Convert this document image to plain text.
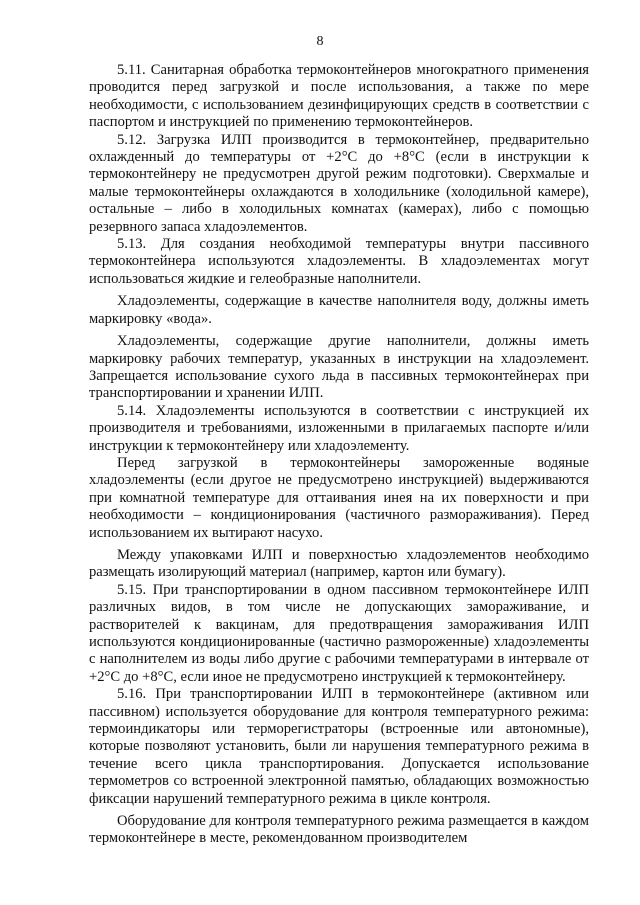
8

5.11. Санитарная обработка термоконтейнеров многократного применения проводится перед загрузкой и после использования, а также по мере необходимости, с использованием дезинфицирующих средств в соответствии с паспортом и инструкцией по применению термоконтейнеров.

5.12. Загрузка ИЛП производится в термоконтейнер, предварительно охлажденный до температуры от +2°С до +8°С (если в инструкции к термоконтейнеру не предусмотрен другой режим подготовки). Сверхмалые и малые термоконтейнеры охлаждаются в холодильнике (холодильной камере), остальные – либо в холодильных комнатах (камерах), либо с помощью резервного запаса хладоэлементов.

5.13. Для создания необходимой температуры внутри пассивного термоконтейнера используются хладоэлементы. В хладоэлементах могут использоваться жидкие и гелеобразные наполнители.

Хладоэлементы, содержащие в качестве наполнителя воду, должны иметь маркировку «вода».

Хладоэлементы, содержащие другие наполнители, должны иметь маркировку рабочих температур, указанных в инструкции на хладоэлемент. Запрещается использование сухого льда в пассивных термоконтейнерах при транспортировании и хранении ИЛП.

5.14. Хладоэлементы используются в соответствии с инструкцией их производителя и требованиями, изложенными в прилагаемых паспорте и/или инструкции к термоконтейнеру или хладоэлементу.

Перед загрузкой в термоконтейнеры замороженные водяные хладоэлементы (если другое не предусмотрено инструкцией) выдерживаются при комнатной температуре для оттаивания инея на их поверхности и при необходимости – кондиционирования (частичного размораживания). Перед использованием их вытирают насухо.

Между упаковками ИЛП и поверхностью хладоэлементов необходимо размещать изолирующий материал (например, картон или бумагу).

5.15. При транспортировании в одном пассивном термоконтейнере ИЛП различных видов, в том числе не допускающих замораживание, и растворителей к вакцинам, для предотвращения замораживания ИЛП используются кондиционированные (частично размороженные) хладоэлементы с наполнителем из воды либо другие с рабочими температурами в интервале от +2°С до +8°С, если иное не предусмотрено инструкцией к термоконтейнеру.

5.16. При транспортировании ИЛП в термоконтейнере (активном или пассивном) используется оборудование для контроля температурного режима: термоиндикаторы или терморегистраторы (встроенные или автономные), которые позволяют установить, были ли нарушения температурного режима в течение всего цикла транспортирования. Допускается использование термометров со встроенной электронной памятью, обладающих возможностью фиксации нарушений температурного режима в цикле контроля.

Оборудование для контроля температурного режима размещается в каждом термоконтейнере в месте, рекомендованном производителем
